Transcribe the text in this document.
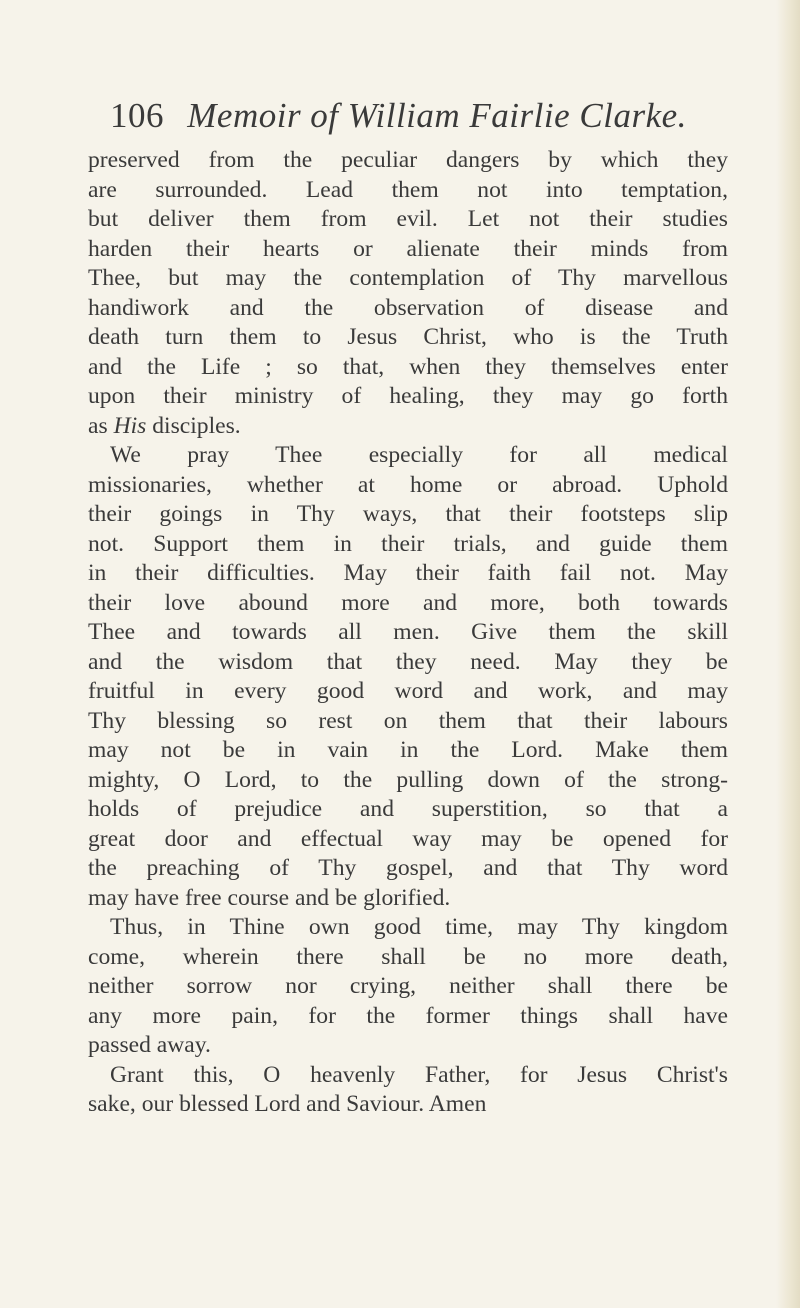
106 Memoir of William Fairlie Clarke.
preserved from the peculiar dangers by which they
are surrounded. Lead them not into temptation,
but deliver them from evil. Let not their studies
harden their hearts or alienate their minds from
Thee, but may the contemplation of Thy marvellous
handiwork and the observation of disease and
death turn them to Jesus Christ, who is the Truth
and the Life ; so that, when they themselves enter
upon their ministry of healing, they may go forth
as His disciples.
We pray Thee especially for all medical
missionaries, whether at home or abroad. Uphold
their goings in Thy ways, that their footsteps slip
not. Support them in their trials, and guide them
in their difficulties. May their faith fail not. May
their love abound more and more, both towards
Thee and towards all men. Give them the skill
and the wisdom that they need. May they be
fruitful in every good word and work, and may
Thy blessing so rest on them that their labours
may not be in vain in the Lord. Make them
mighty, O Lord, to the pulling down of the strong-
holds of prejudice and superstition, so that a
great door and effectual way may be opened for
the preaching of Thy gospel, and that Thy word
may have free course and be glorified.
Thus, in Thine own good time, may Thy kingdom
come, wherein there shall be no more death,
neither sorrow nor crying, neither shall there be
any more pain, for the former things shall have
passed away.
Grant this, O heavenly Father, for Jesus Christ's
sake, our blessed Lord and Saviour. Amen
